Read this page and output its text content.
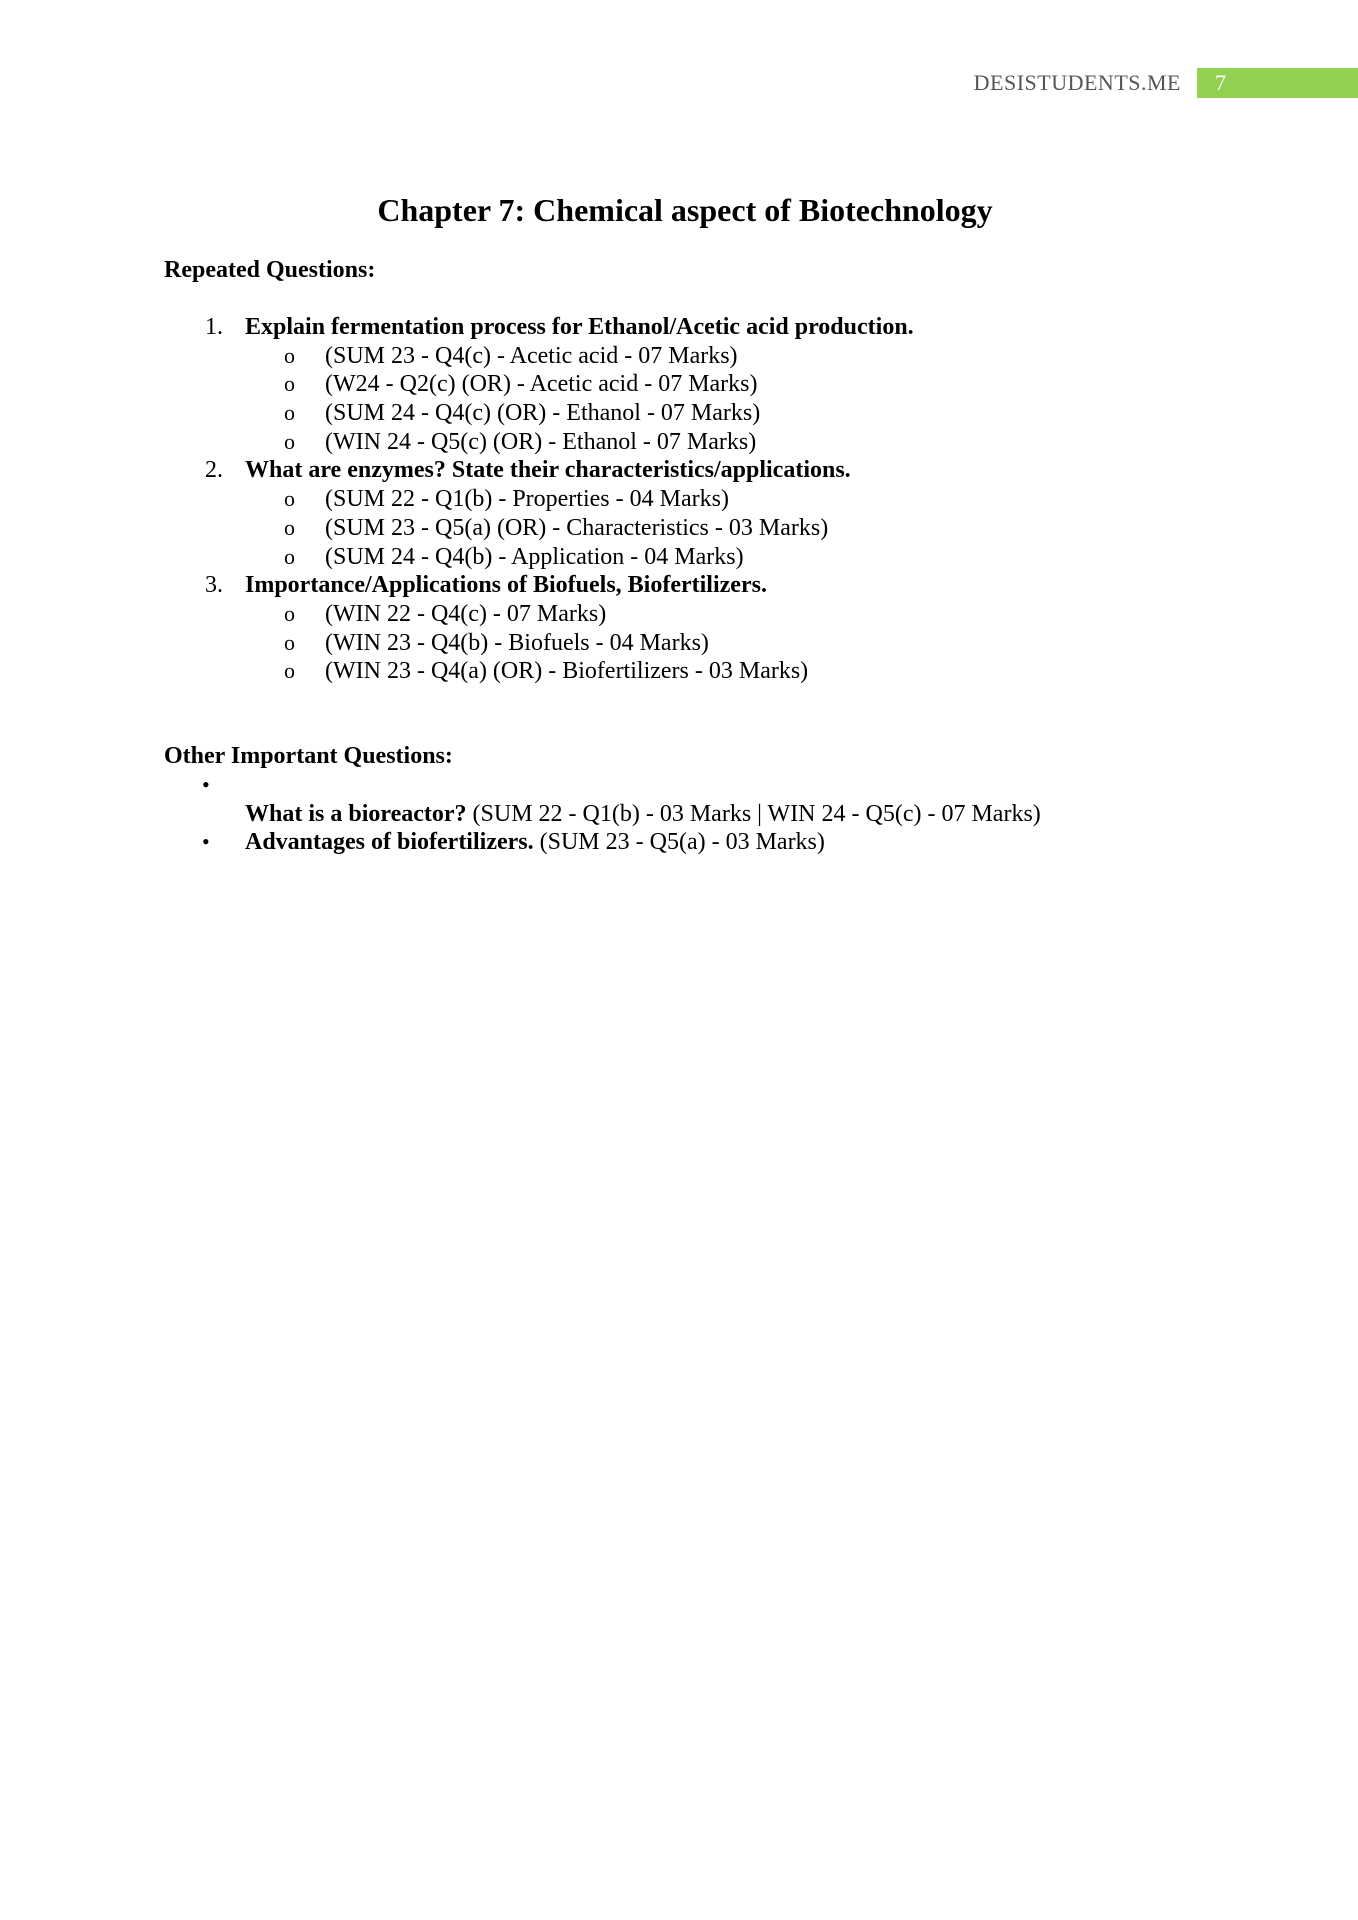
DESISTUDENTS.ME	7
Chapter 7: Chemical aspect of Biotechnology

Repeated Questions:

1. Explain fermentation process for Ethanol/Acetic acid production.
o	(SUM 23 - Q4(c) - Acetic acid - 07 Marks)
o	(W24 - Q2(c) (OR) - Acetic acid - 07 Marks)
o	(SUM 24 - Q4(c) (OR) - Ethanol - 07 Marks)
o	(WIN 24 - Q5(c) (OR) - Ethanol - 07 Marks)
2. What are enzymes? State their characteristics/applications.
o	(SUM 22 - Q1(b) - Properties - 04 Marks)
o	(SUM 23 - Q5(a) (OR) - Characteristics - 03 Marks)
o	(SUM 24 - Q4(b) - Application - 04 Marks)
3. Importance/Applications of Biofuels, Biofertilizers.
o	(WIN 22 - Q4(c) - 07 Marks)
o	(WIN 23 - Q4(b) - Biofuels - 04 Marks)
o	(WIN 23 - Q4(a) (OR) - Biofertilizers - 03 Marks)

Other Important Questions:

•
What is a bioreactor? (SUM 22 - Q1(b) - 03 Marks | WIN 24 - Q5(c) - 07 Marks)
•	Advantages of biofertilizers. (SUM 23 - Q5(a) - 03 Marks)
